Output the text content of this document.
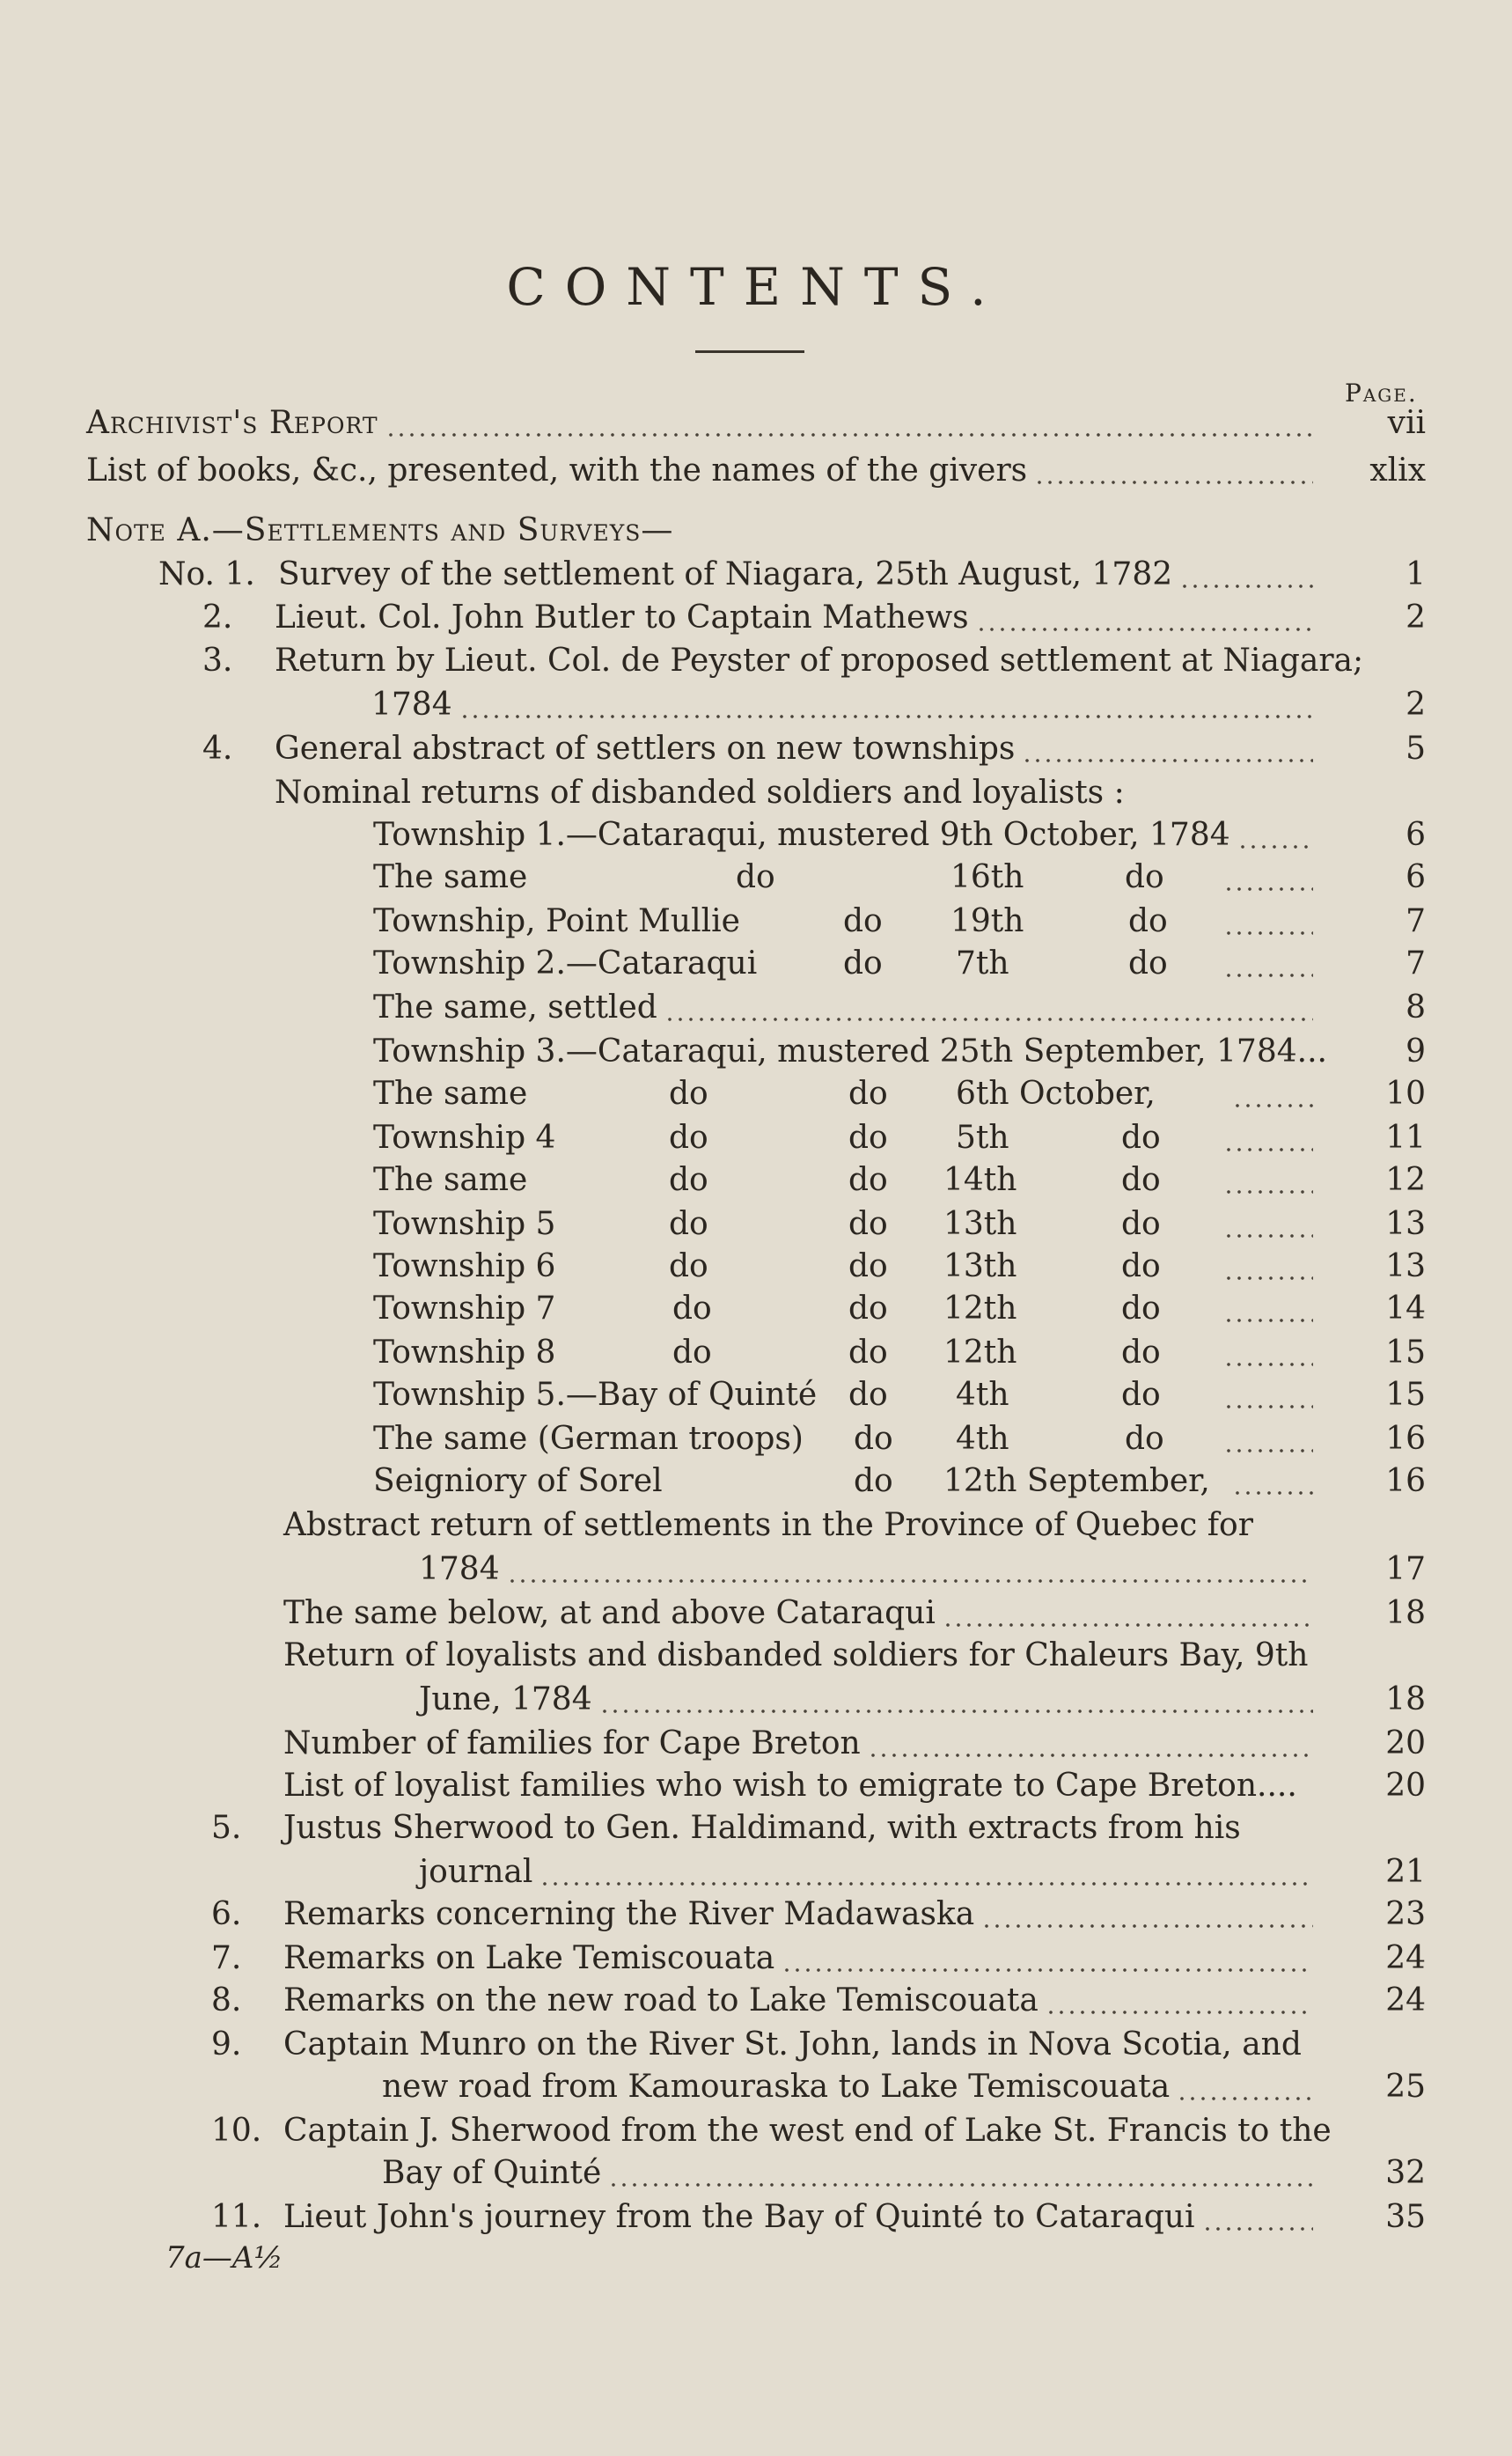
CONTENTS.
Page.
Archivist's Report	vii
List of books, &c., presented, with the names of the givers	xlix
Note A.—Settlements and Surveys—
No. 1. Survey of the settlement of Niagara, 25th August, 1782	1
2. Lieut. Col. John Butler to Captain Mathews	2
3. Return by Lieut. Col. de Peyster of proposed settlement at Niagara;
1784	2
4. General abstract of settlers on new townships	5
Nominal returns of disbanded soldiers and loyalists :
Township 1.—Cataraqui, mustered 9th October, 1784	6
The same	do	16th	do	6
Township, Point Mullie	do 19th	do	7
Township 2.—Cataraqui	do 7th	do	7
The same, settled	8
Township 3.—Cataraqui, mustered 25th September, 1784...	9
The same	do	do 6th October,	10
Township 4	do	do 5th	do	11
The same	do	do 14th	do	12
Township 5	do	do 13th	do	13
Township 6	do	do 13th	do	13
Township 7	do	do 12th	do	14
Township 8	do	do 12th	do	15
Township 5.—Bay of Quinté do 4th	do	15
The same (German troops) do 4th	do	16
Seigniory of Sorel	do 12th September,	16
Abstract return of settlements in the Province of Quebec for
1784	17
The same below, at and above Cataraqui	18
Return of loyalists and disbanded soldiers for Chaleurs Bay, 9th
June, 1784	18
Number of families for Cape Breton	20
List of loyalist families who wish to emigrate to Cape Breton....	20
5. Justus Sherwood to Gen. Haldimand, with extracts from his
journal	21
6. Remarks concerning the River Madawaska	23
7. Remarks on Lake Temiscouata	24
8. Remarks on the new road to Lake Temiscouata	24
9. Captain Munro on the River St. John, lands in Nova Scotia, and
new road from Kamouraska to Lake Temiscouata	25
10. Captain J. Sherwood from the west end of Lake St. Francis to the
Bay of Quinté	32
11. Lieut John's journey from the Bay of Quinté to Cataraqui	35
7a—A½
